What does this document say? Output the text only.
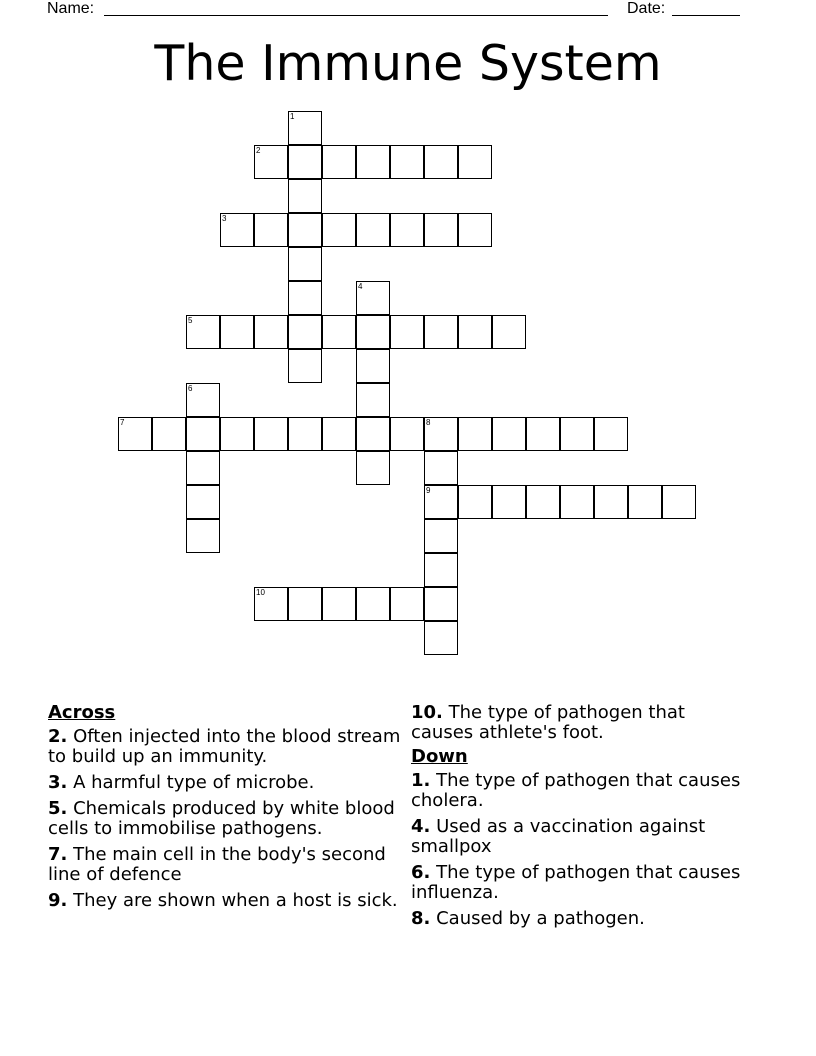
Name:	Date:
The Immune System
1
2
3
4
5
6
7	8
9
10
Across
2. Often injected into the blood stream to build up an immunity.
3. A harmful type of microbe.
5. Chemicals produced by white blood cells to immobilise pathogens.
7. The main cell in the body's second line of defence
9. They are shown when a host is sick.
10. The type of pathogen that causes athlete's foot.
Down
1. The type of pathogen that causes cholera.
4. Used as a vaccination against smallpox
6. The type of pathogen that causes influenza.
8. Caused by a pathogen.
